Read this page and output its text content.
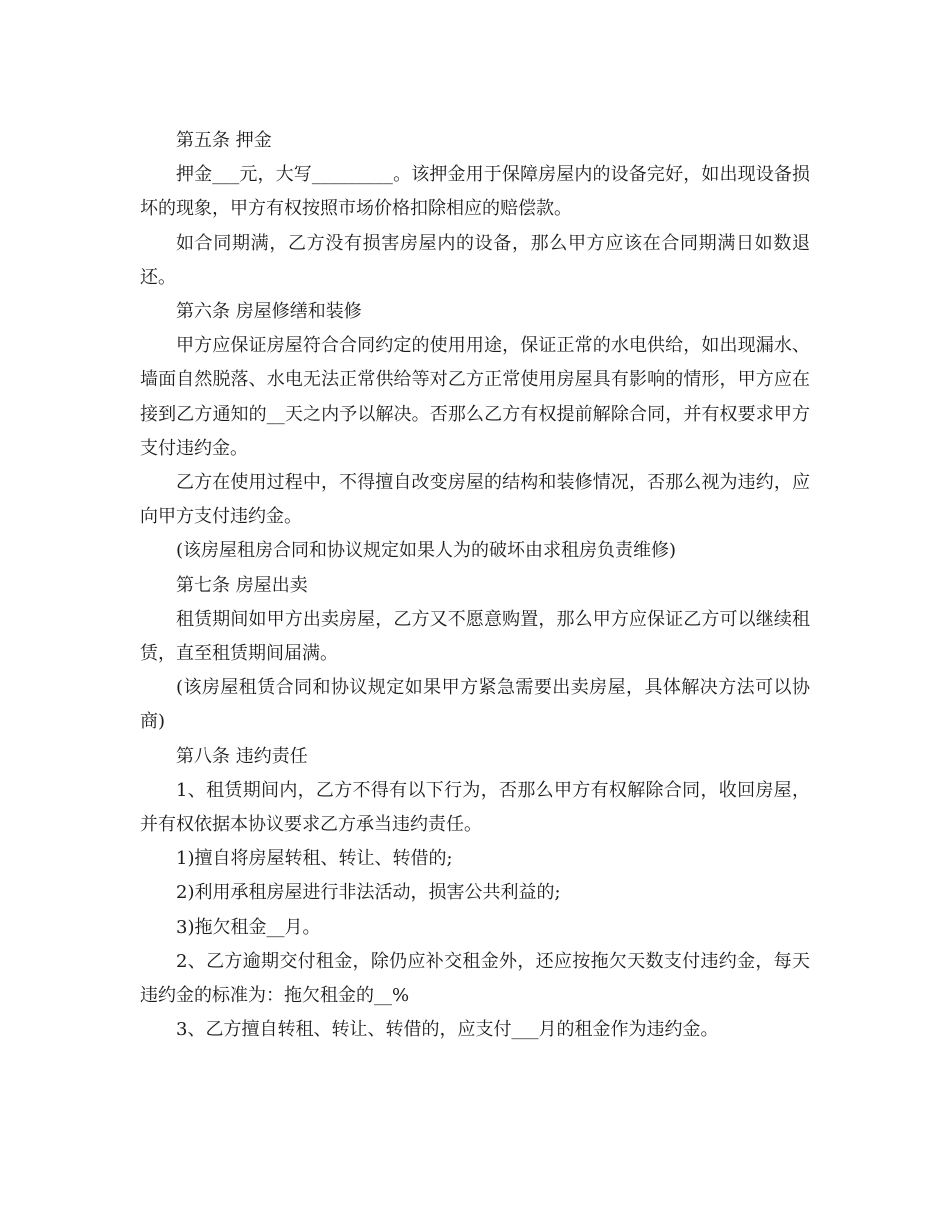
第五条 押金

押金___元，大写_________。该押金用于保障房屋内的设备完好，如出现设备损坏的现象，甲方有权按照市场价格扣除相应的赔偿款。

如合同期满，乙方没有损害房屋内的设备，那么甲方应该在合同期满日如数退还。

第六条 房屋修缮和装修

甲方应保证房屋符合合同约定的使用用途，保证正常的水电供给，如出现漏水、墙面自然脱落、水电无法正常供给等对乙方正常使用房屋具有影响的情形，甲方应在接到乙方通知的__天之内予以解决。否那么乙方有权提前解除合同，并有权要求甲方支付违约金。

乙方在使用过程中，不得擅自改变房屋的结构和装修情况，否那么视为违约，应向甲方支付违约金。

(该房屋租房合同和协议规定如果人为的破坏由求租房负责维修)

第七条 房屋出卖

租赁期间如甲方出卖房屋，乙方又不愿意购置，那么甲方应保证乙方可以继续租赁，直至租赁期间届满。

(该房屋租赁合同和协议规定如果甲方紧急需要出卖房屋，具体解决方法可以协商)

第八条 违约责任

1、租赁期间内，乙方不得有以下行为，否那么甲方有权解除合同，收回房屋，并有权依据本协议要求乙方承当违约责任。

1)擅自将房屋转租、转让、转借的;

2)利用承租房屋进行非法活动，损害公共利益的;

3)拖欠租金__月。

2、乙方逾期交付租金，除仍应补交租金外，还应按拖欠天数支付违约金，每天违约金的标准为：拖欠租金的__%

3、乙方擅自转租、转让、转借的，应支付___月的租金作为违约金。
